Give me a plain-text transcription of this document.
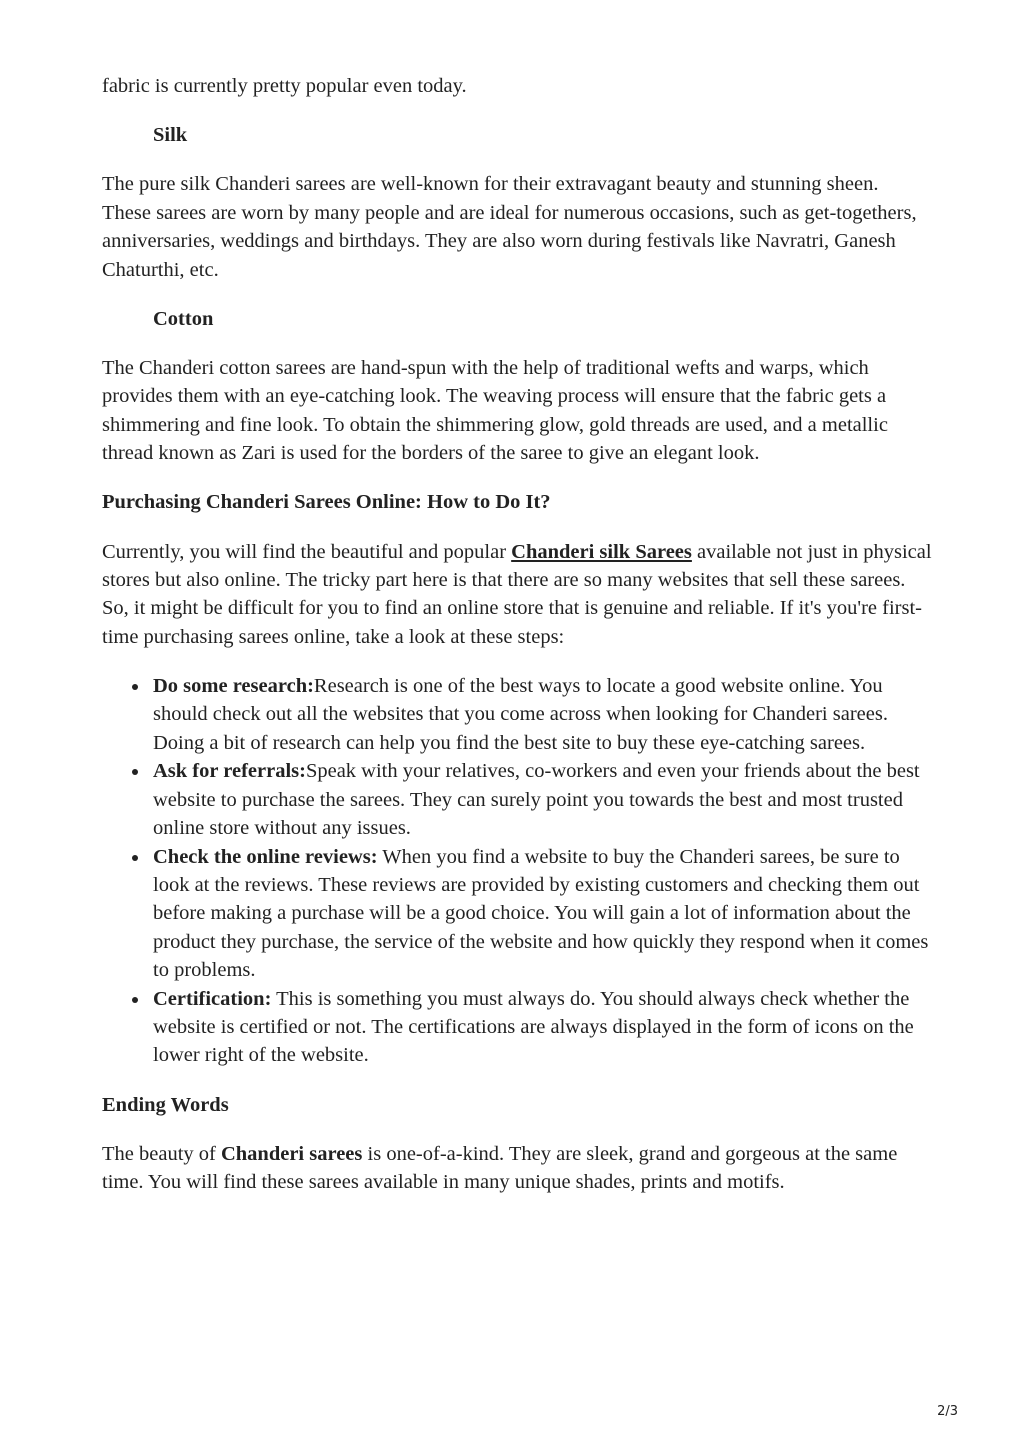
fabric is currently pretty popular even today.

Silk

The pure silk Chanderi sarees are well-known for their extravagant beauty and stunning sheen. These sarees are worn by many people and are ideal for numerous occasions, such as get-togethers, anniversaries, weddings and birthdays. They are also worn during festivals like Navratri, Ganesh Chaturthi, etc.

Cotton

The Chanderi cotton sarees are hand-spun with the help of traditional wefts and warps, which provides them with an eye-catching look. The weaving process will ensure that the fabric gets a shimmering and fine look. To obtain the shimmering glow, gold threads are used, and a metallic thread known as Zari is used for the borders of the saree to give an elegant look.

Purchasing Chanderi Sarees Online: How to Do It?

Currently, you will find the beautiful and popular Chanderi silk Sarees available not just in physical stores but also online. The tricky part here is that there are so many websites that sell these sarees. So, it might be difficult for you to find an online store that is genuine and reliable. If it's you're first-time purchasing sarees online, take a look at these steps:

Do some research:Research is one of the best ways to locate a good website online. You should check out all the websites that you come across when looking for Chanderi sarees. Doing a bit of research can help you find the best site to buy these eye-catching sarees.
Ask for referrals:Speak with your relatives, co-workers and even your friends about the best website to purchase the sarees. They can surely point you towards the best and most trusted online store without any issues.
Check the online reviews: When you find a website to buy the Chanderi sarees, be sure to look at the reviews. These reviews are provided by existing customers and checking them out before making a purchase will be a good choice. You will gain a lot of information about the product they purchase, the service of the website and how quickly they respond when it comes to problems.
Certification: This is something you must always do. You should always check whether the website is certified or not. The certifications are always displayed in the form of icons on the lower right of the website.

Ending Words

The beauty of Chanderi sarees is one-of-a-kind. They are sleek, grand and gorgeous at the same time. You will find these sarees available in many unique shades, prints and motifs.

2/3
